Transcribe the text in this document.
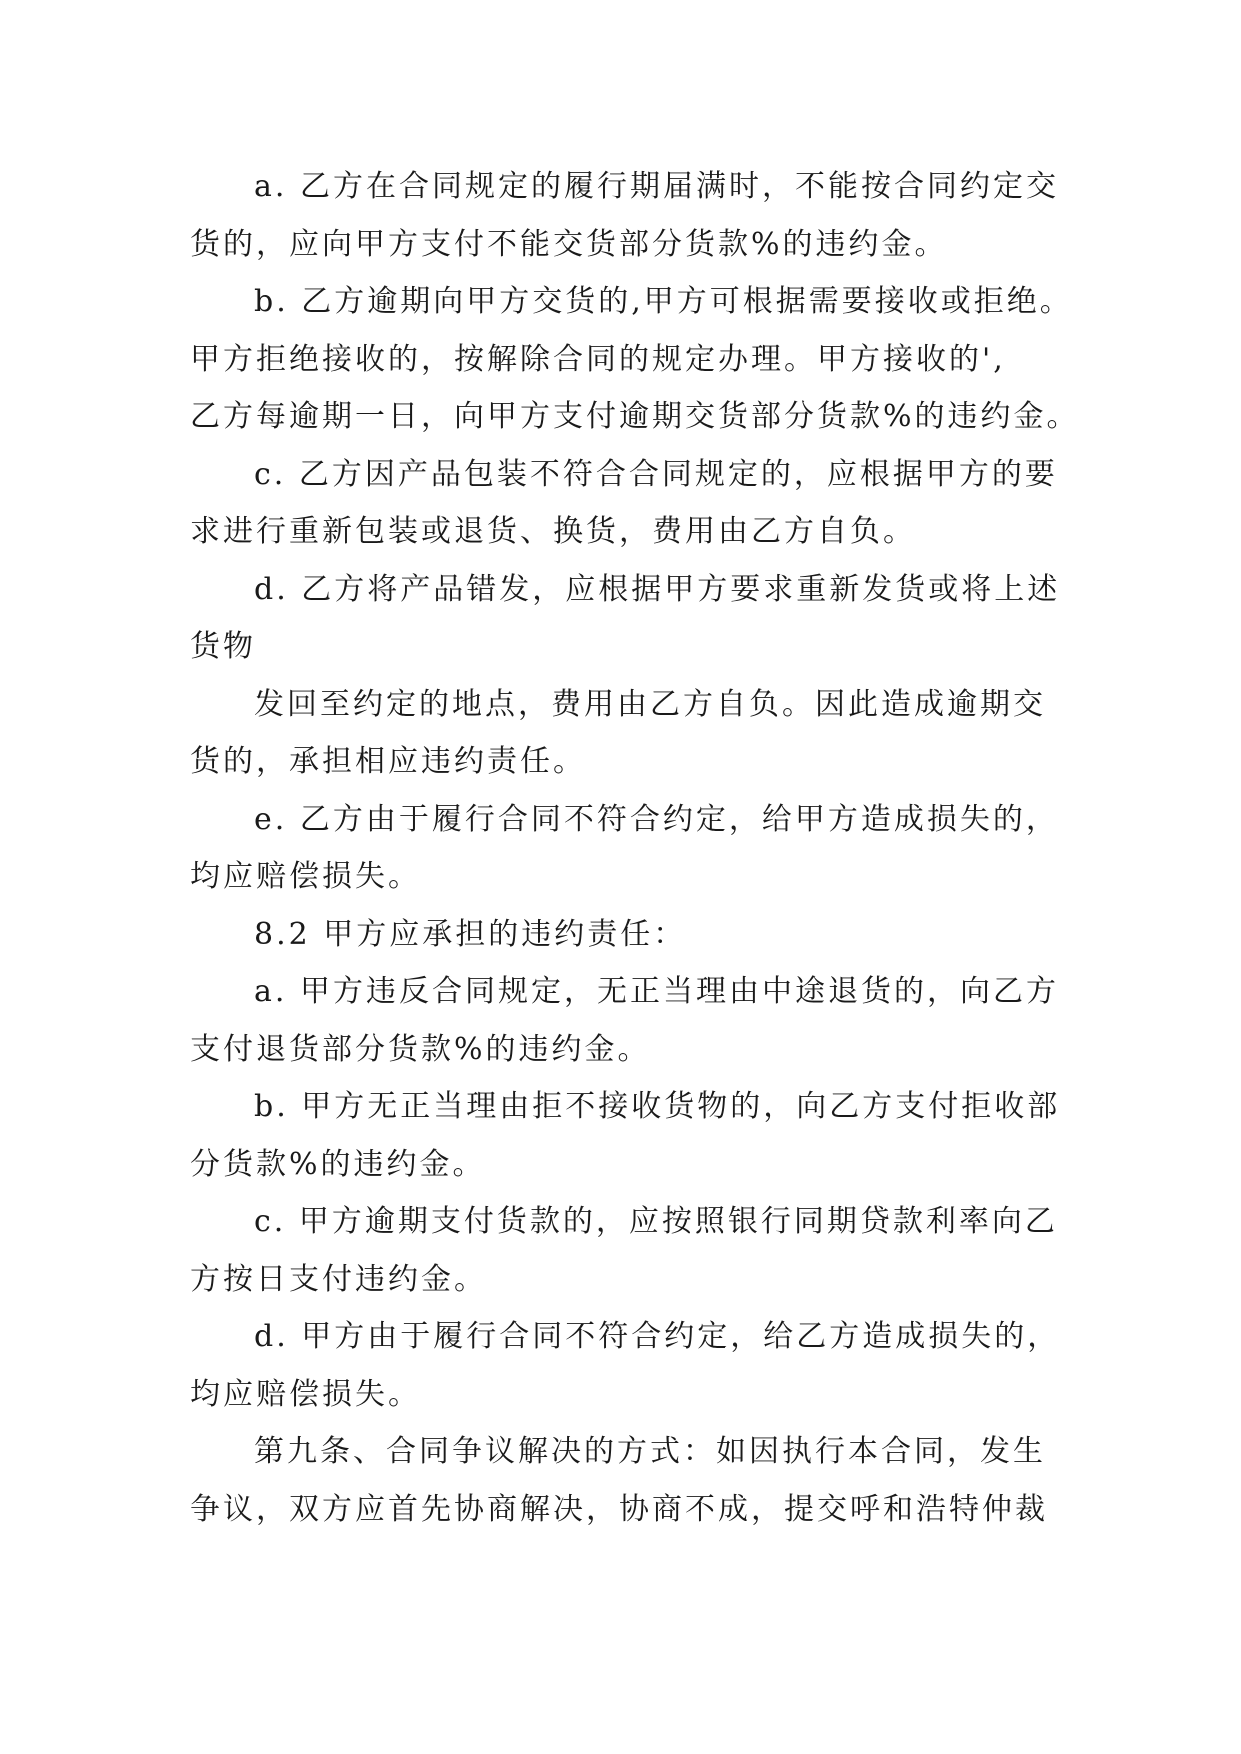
a. 乙方在合同规定的履行期届满时，不能按合同约定交
货的，应向甲方支付不能交货部分货款%的违约金。

b. 乙方逾期向甲方交货的,甲方可根据需要接收或拒绝。
甲方拒绝接收的，按解除合同的规定办理。甲方接收的',
乙方每逾期一日，向甲方支付逾期交货部分货款%的违约金。

c. 乙方因产品包装不符合合同规定的，应根据甲方的要
求进行重新包装或退货、换货，费用由乙方自负。

d. 乙方将产品错发，应根据甲方要求重新发货或将上述
货物

发回至约定的地点，费用由乙方自负。因此造成逾期交
货的，承担相应违约责任。

e. 乙方由于履行合同不符合约定，给甲方造成损失的，
均应赔偿损失。

8.2 甲方应承担的违约责任：

a. 甲方违反合同规定，无正当理由中途退货的，向乙方
支付退货部分货款%的违约金。

b. 甲方无正当理由拒不接收货物的，向乙方支付拒收部
分货款%的违约金。

c. 甲方逾期支付货款的，应按照银行同期贷款利率向乙
方按日支付违约金。

d. 甲方由于履行合同不符合约定，给乙方造成损失的，
均应赔偿损失。

第九条、合同争议解决的方式：如因执行本合同，发生
争议，双方应首先协商解决，协商不成，提交呼和浩特仲裁
